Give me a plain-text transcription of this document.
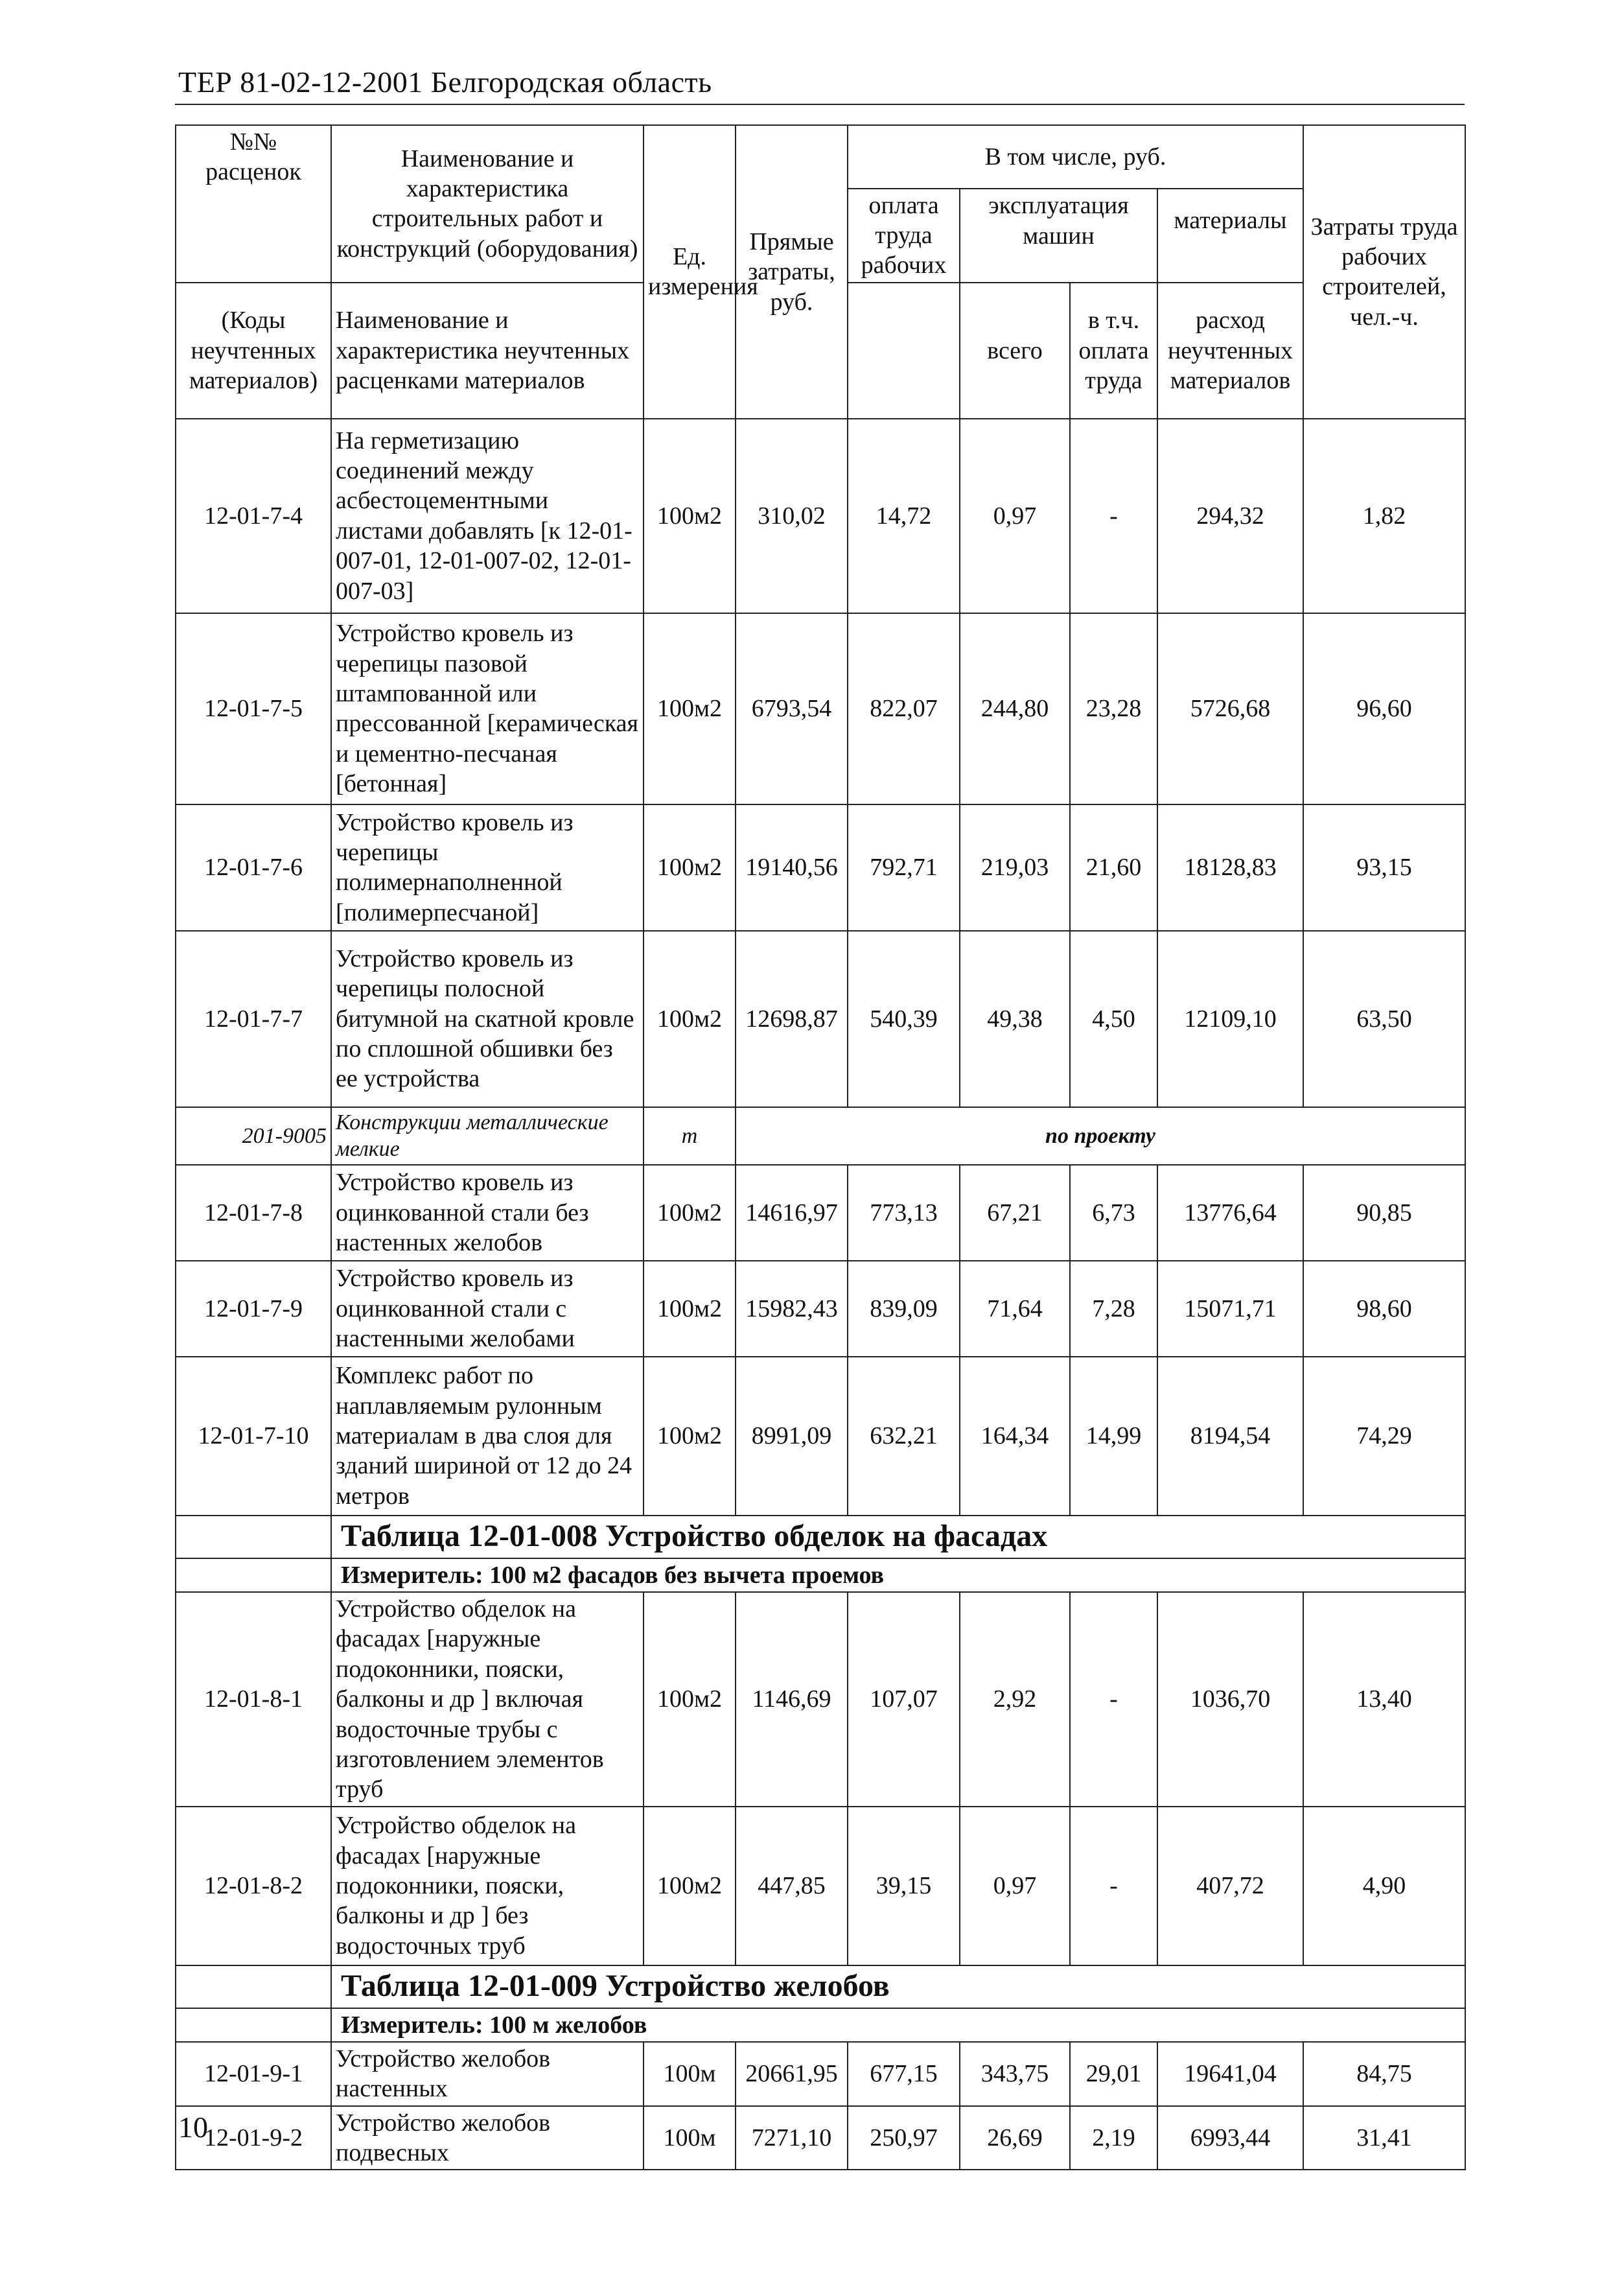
ТЕР 81-02-12-2001 Белгородская область
№№ расценок	Наименование и характеристика строительных работ и конструкций (оборудования)	Ед. измерения	Прямые затраты, руб.	В том числе, руб.				Затраты труда рабочих строителей, чел.-ч.
				оплата труда рабочих	эксплуатация машин		материалы	

(Коды неучтенных материалов)	Наименование и характеристика неучтенных расценками материалов				всего	в т.ч. оплата труда	расход неучтенных материалов	

12-01-7-4	На герметизацию соединений между асбестоцементными листами добавлять [к 12-01-007-01, 12-01-007-02, 12-01-007-03]	100м2	310,02	14,72	0,97	-	294,32	1,82
12-01-7-5	Устройство кровель из черепицы пазовой штампованной или прессованной [керамическая и цементно-песчаная [бетонная]	100м2	6793,54	822,07	244,80	23,28	5726,68	96,60
12-01-7-6	Устройство кровель из черепицы полимернаполненной [полимерпесчаной]	100м2	19140,56	792,71	219,03	21,60	18128,83	93,15
12-01-7-7	Устройство кровель из черепицы полосной битумной на скатной кровле по сплошной обшивки без ее устройства	100м2	12698,87	540,39	49,38	4,50	12109,10	63,50
201-9005	Конструкции металлические мелкие	т	по проекту					
12-01-7-8	Устройство кровель из оцинкованной стали без настенных желобов	100м2	14616,97	773,13	67,21	6,73	13776,64	90,85
12-01-7-9	Устройство кровель из оцинкованной стали с настенными желобами	100м2	15982,43	839,09	71,64	7,28	15071,71	98,60
12-01-7-10	Комплекс работ по наплавляемым рулонным материалам в два слоя для зданий шириной от 12 до 24 метров	100м2	8991,09	632,21	164,34	14,99	8194,54	74,29
	Таблица 12-01-008 Устройство обделок на фасадах							
	Измеритель: 100 м2 фасадов без вычета проемов							
12-01-8-1	Устройство обделок на фасадах [наружные подоконники, пояски, балконы и др ] включая водосточные трубы с изготовлением элементов труб	100м2	1146,69	107,07	2,92	-	1036,70	13,40
12-01-8-2	Устройство обделок на фасадах [наружные подоконники, пояски, балконы и др ] без водосточных труб	100м2	447,85	39,15	0,97	-	407,72	4,90
	Таблица 12-01-009 Устройство желобов							
	Измеритель: 100 м желобов							
12-01-9-1	Устройство желобов настенных	100м	20661,95	677,15	343,75	29,01	19641,04	84,75
12-01-9-2	Устройство желобов подвесных	100м	7271,10	250,97	26,69	2,19	6993,44	31,41
10
